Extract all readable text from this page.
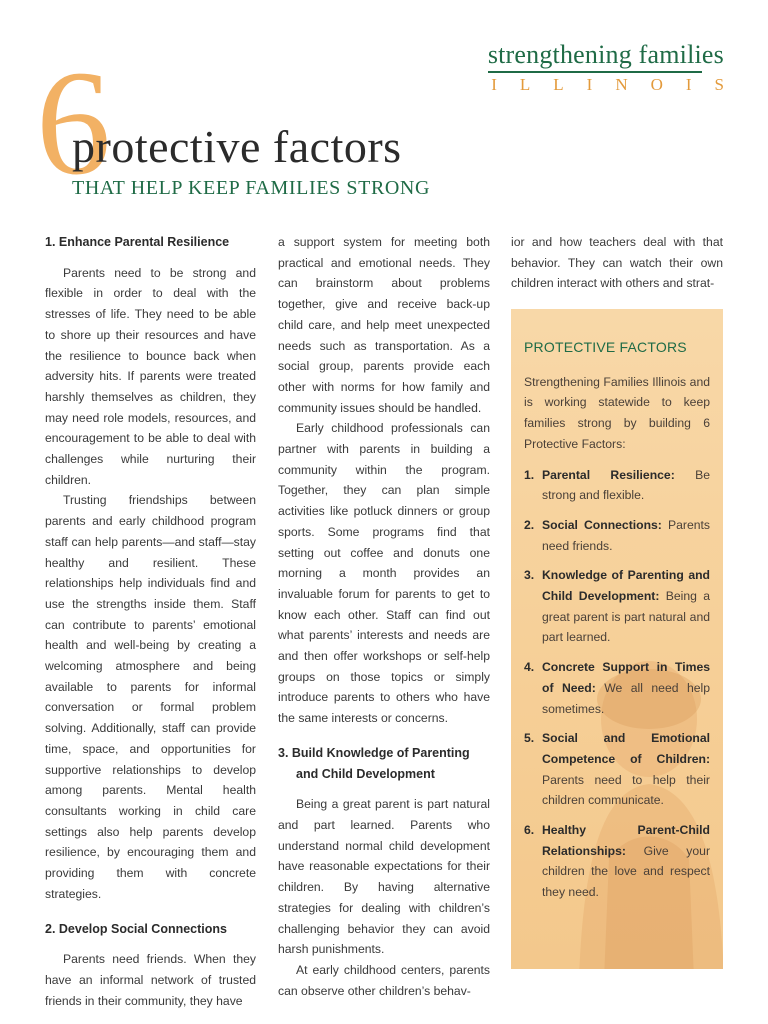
strengthening families
ILLINOIS
6
protective factors
THAT HELP KEEP FAMILIES STRONG

1. Enhance Parental Resilience

Parents need to be strong and flexible in order to deal with the stresses of life. They need to be able to shore up their resources and have the resilience to bounce back when adversity hits. If parents were treated harshly themselves as children, they may need role models, resources, and encouragement to be able to deal with challenges while nurturing their children.

Trusting friendships between parents and early childhood program staff can help parents—and staff—stay healthy and resilient. These relationships help individuals find and use the strengths inside them. Staff can contribute to parents’ emotional health and well-being by creating a welcoming atmosphere and being available to parents for informal conversation or formal problem solving. Additionally, staff can provide time, space, and opportunities for supportive relationships to develop among parents. Mental health consultants working in child care settings also help parents develop resilience, by encouraging them and providing them with concrete strategies.

2. Develop Social Connections

Parents need friends. When they have an informal network of trusted friends in their community, they have

a support system for meeting both practical and emotional needs. They can brainstorm about problems together, give and receive back-up child care, and help meet unexpected needs such as transportation. As a social group, parents provide each other with norms for how family and community issues should be handled.

Early childhood professionals can partner with parents in building a community within the program. Together, they can plan simple activities like potluck dinners or group sports. Some programs find that setting out coffee and donuts one morning a month provides an invaluable forum for parents to get to know each other. Staff can find out what parents’ interests and needs are and then offer workshops or self-help groups on those topics or simply introduce parents to others who have the same interests or concerns.

3. Build Knowledge of Parenting and Child Development

Being a great parent is part natural and part learned. Parents who understand normal child development have reasonable expectations for their children. By having alternative strategies for dealing with children’s challenging behavior they can avoid harsh punishments.

At early childhood centers, parents can observe other children’s behav-

ior and how teachers deal with that behavior. They can watch their own children interact with others and strat-

PROTECTIVE FACTORS

Strengthening Families Illinois and is working statewide to keep families strong by building 6 Protective Factors:

1. Parental Resilience: Be strong and flexible.
2. Social Connections: Parents need friends.
3. Knowledge of Parenting and Child Development: Being a great parent is part natural and part learned.
4. Concrete Support in Times of Need: We all need help sometimes.
5. Social and Emotional Competence of Children: Parents need to help their children communicate.
6. Healthy Parent-Child Relationships: Give your children the love and respect they need.
